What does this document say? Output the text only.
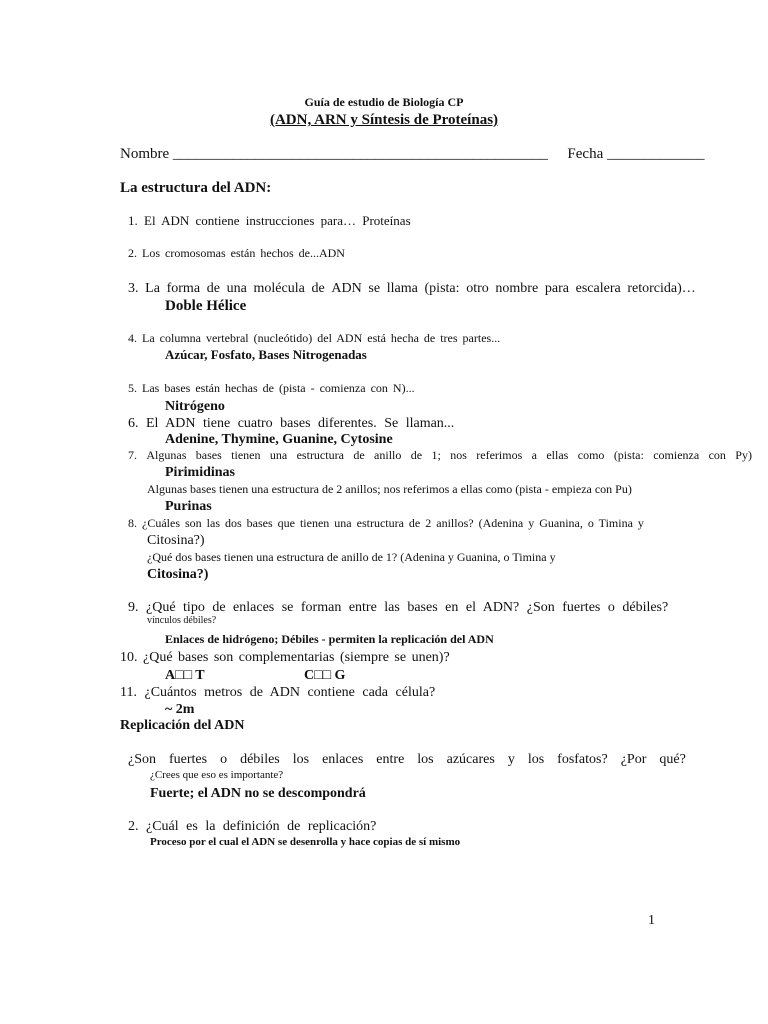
Guía de estudio de Biología CP
(ADN, ARN y Síntesis de Proteínas)
Nombre __________________________________________________ Fecha _____________
La estructura del ADN:
1. El ADN contiene instrucciones para… Proteínas
2. Los cromosomas están hechos de...ADN
3. La forma de una molécula de ADN se llama (pista: otro nombre para escalera retorcida)…
Doble Hélice
4. La columna vertebral (nucleótido) del ADN está hecha de tres partes...
Azúcar, Fosfato, Bases Nitrogenadas
5. Las bases están hechas de (pista - comienza con N)...
Nitrógeno
6. El ADN tiene cuatro bases diferentes. Se llaman...
Adenine, Thymine, Guanine, Cytosine
7. Algunas bases tienen una estructura de anillo de 1; nos referimos a ellas como (pista: comienza con Py)
Pirimidinas
Algunas bases tienen una estructura de 2 anillos; nos referimos a ellas como (pista - empieza con Pu)
Purinas
8. ¿Cuáles son las dos bases que tienen una estructura de 2 anillos? (Adenina y Guanina, o Timina y
Citosina?)
¿Qué dos bases tienen una estructura de anillo de 1? (Adenina y Guanina, o Timina y
Citosina?)
9. ¿Qué tipo de enlaces se forman entre las bases en el ADN? ¿Son fuertes o débiles?
vínculos débiles?
Enlaces de hidrógeno; Débiles - permiten la replicación del ADN
10. ¿Qué bases son complementarias (siempre se unen)?
A□□ T	C□□ G
11. ¿Cuántos metros de ADN contiene cada célula?
~ 2m
Replicación del ADN
¿Son fuertes o débiles los enlaces entre los azúcares y los fosfatos? ¿Por qué?
¿Crees que eso es importante?
Fuerte; el ADN no se descompondrá
2. ¿Cuál es la definición de replicación?
Proceso por el cual el ADN se desenrolla y hace copias de sí mismo
1
